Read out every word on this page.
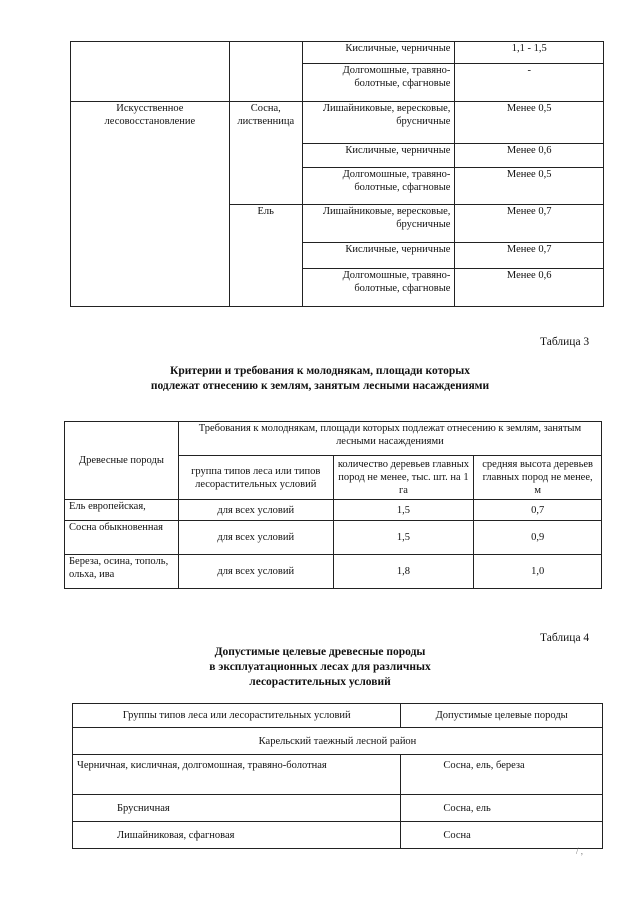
		Кисличные, черничные	1,1 - 1,5
		Долгомошные, травяно-болотные, сфагновые	-
Искусственное лесовосстановление	Сосна, лиственница	Лишайниковые, вересковые, брусничные	Менее 0,5
		Кисличные, черничные	Менее 0,6
		Долгомошные, травяно-болотные, сфагновые	Менее 0,5
	Ель	Лишайниковые, вересковые, брусничные	Менее 0,7
		Кисличные, черничные	Менее 0,7
		Долгомошные, травяно-болотные, сфагновые	Менее 0,6
Таблица 3
Критерии и требования к молоднякам, площади которых
подлежат отнесению к землям, занятым лесными насаждениями
Древесные породы	Требования к молоднякам, площади которых подлежат отнесению к землям, занятым лесными насаждениями		
	группа типов леса или типов лесорастительных условий	количество деревьев главных пород не менее, тыс. шт. на 1 га	средняя высота деревьев главных пород не менее, м
Ель европейская,	для всех условий	1,5	0,7
Сосна обыкновенная	для всех условий	1,5	0,9
Береза, осина, тополь, ольха, ива	для всех условий	1,8	1,0
Таблица 4
Допустимые целевые древесные породы
в эксплуатационных лесах для различных
лесорастительных условий
Группы типов леса или лесорастительных условий	Допустимые целевые породы
Карельский таежный лесной район	
Черничная, кисличная, долгомошная, травяно-болотная	Сосна, ель, береза
Брусничная	Сосна, ель
Лишайниковая, сфагновая	Сосна
/ ,
